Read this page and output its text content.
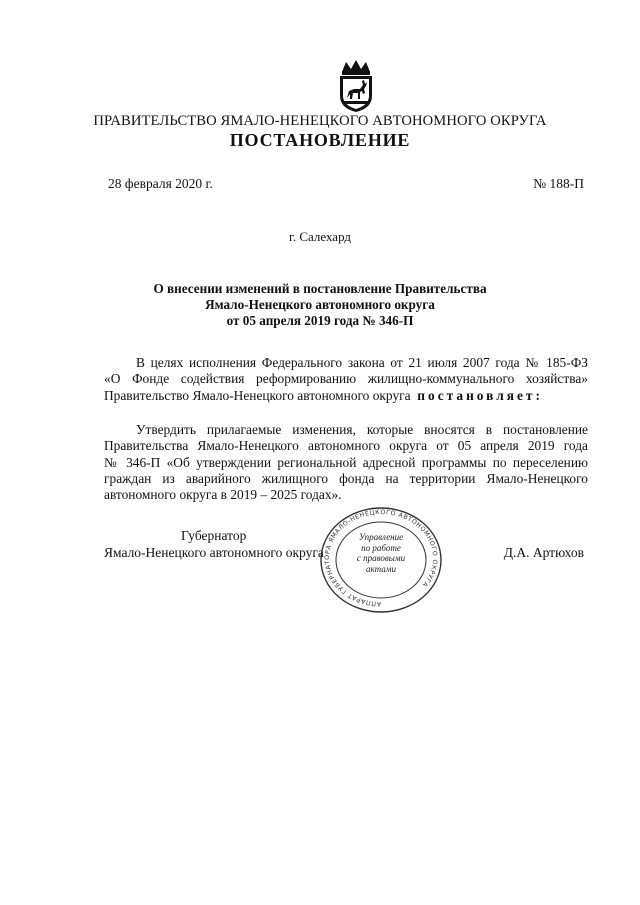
ПРАВИТЕЛЬСТВО ЯМАЛО-НЕНЕЦКОГО АВТОНОМНОГО ОКРУГА
ПОСТАНОВЛЕНИЕ
28 февраля 2020 г.	№ 188-П
г. Салехард
О внесении изменений в постановление Правительства
Ямало-Ненецкого автономного округа
от 05 апреля 2019 года № 346-П
В целях исполнения Федерального закона от 21 июля 2007 года № 185-ФЗ
«О Фонде содействия реформированию жилищно-коммунального хозяйства»
Правительство Ямало-Ненецкого автономного округа постановляет:
Утвердить прилагаемые изменения, которые вносятся в постановление
Правительства Ямало-Ненецкого автономного округа от 05 апреля 2019 года
№ 346-П «Об утверждении региональной адресной программы по переселению
граждан из аварийного жилищного фонда на территории Ямало-Ненецкого
автономного округа в 2019 – 2025 годах».
Губернатор
Ямало-Ненецкого автономного округа	Д.А. Артюхов
АППАРАТ ГУБЕРНАТОРА ЯМАЛО-НЕНЕЦКОГО АВТОНОМНОГО ОКРУГА
Управление
по работе
с правовыми
актами
